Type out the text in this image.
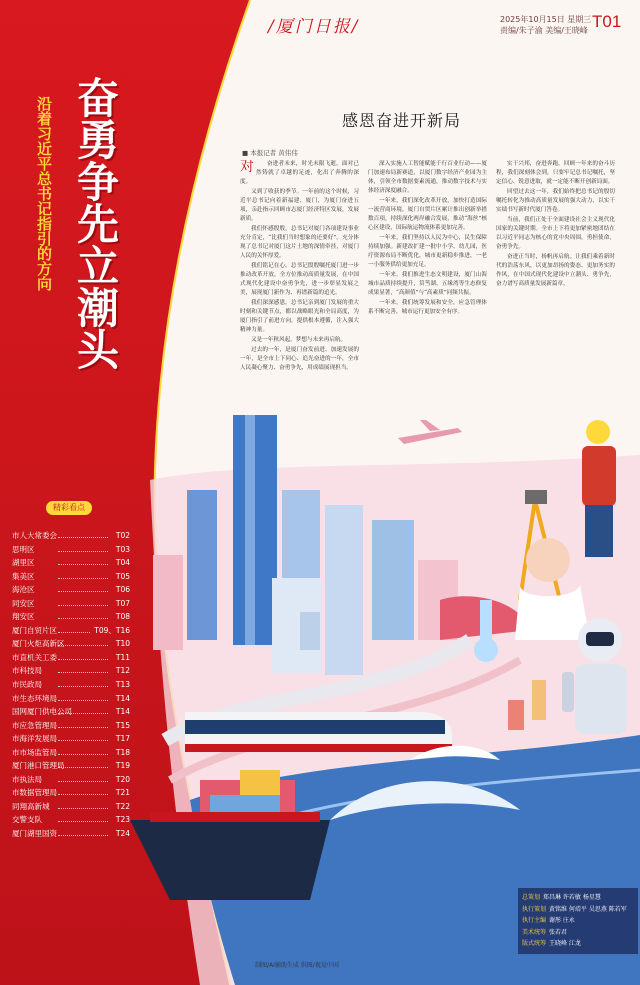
/厦门日报/	2025年10月15日 星期三
责编/朱子渝 美编/王晓峰 T01
沿着习近平总书记指引的方向 奋勇争先立潮头
精彩看点
市人大常委会	T02
思明区	T03
湖里区	T04
集美区	T05
海沧区	T06
同安区	T07
翔安区	T08
厦门自贸片区	T09、T16
厦门火炬高新区	T10
市直机关工委	T11
市科技局	T12
市民政局	T13
市生态环境局	T14
国网厦门供电公司	T14
市应急管理局	T15
市海洋发展局	T17
市市场监管局	T18
厦门港口管理局	T19
市执法局	T20
市数据管理局	T21
同翔高新城	T22
交警支队	T23
厦门湖里国资	T24
感恩奋进开新局
■ 本报记者 黄伟伟
对	奋进者未来，时光未限飞逝。面对已然铸就了卓越的足迹，化出了奔腾的深度。

又到了收获的季节。一年前的这个时候，习近平总书记向着新福建、厦门，为厦门奋进五项，亲赴指示回顾市志厦门经济特区发展，发展新质。

我们怀感殷殷，总书记对厦门各项建设事业充分肯定，“比我们当时想象的还要好”。充分体现了总书记对厦门这片土地的深情牵挂，对厦门人民的关怀厚爱。

我们铭记在心。总书记殷殷嘱托厦门进一步推动改革开放，全方位推动高质量发展，在中国式现代化建设中奋勇争先，进一步彰显发展之美，展现厦门新作为、再谱新篇的追光。

我们深深感恩。总书记亲到厦门发展的重大时刻和关键节点，都以战略眼光和全局高度，为厦门指引了前进方向，提供根本遵循，注入强大精神力量。

又是一年秋风起，梦想与未来再启航。

过去的一年，是厦门奋发前进、加速发展的一年，是全市上下同心、追光奋进的一年，全市人民凝心聚力、奋勇争先，用成绩展现担当。

深入实施人工智能赋能千行百业行动——厦门加速布局新赛道，以厦门数字经济产业园为主体，引领全市数据要素流通，推动数字技术与实体经济深度融合。

一年来，我们深化改革开放，加快打造国际一流营商环境。厦门自贸片区累计推出创新举措数百项，持续深化两岸融合发展，推动“海丝”核心区建设，国际航运物流体系更加完善。

一年来，我们坚持以人民为中心，民生保障持续加强。新建改扩建一批中小学、幼儿园，医疗资源布局不断优化，城市更新稳步推进，一老一小服务供给更加充足。

一年来，我们推进生态文明建设，厦门山海城市品质持续提升，筼筜湖、五缘湾等生态修复成果显著，“高颜值”与“高素质”同频共振。

一年来，我们统筹发展和安全，应急管理体系不断完善，城市运行更加安全有序。

实干兴邦，奋进奔跑。回顾一年来的奋斗历程，我们深刻体会到，只要牢记总书记嘱托，坚定信心、锐意进取，就一定能不断开创新局面。

回望过去这一年，我们始终把总书记的殷切嘱托转化为推动高质量发展的强大动力，以实干实绩书写新时代厦门答卷。

当前，我们正处于全面建设社会主义现代化国家的关键时期。全市上下将更加紧密地团结在以习近平同志为核心的党中央周围，勇担使命，奋勇争先。

奋进正当时，扬帆再启航。让我们乘着新时代的浩荡东风，以更加昂扬的姿态、更加务实的作风，在中国式现代化建设中立潮头、勇争先，奋力谱写高质量发展新篇章。

总策划 郑昌琳 许若敏 杨星慧
执行策划 黄铭维 何靖平 吴思燕 陈若军
执行主编 谢彤 庄永
美术统筹 张若君
版式统筹 王晓峰 江龙
制图/AI辅助生成 供图/视觉中国
